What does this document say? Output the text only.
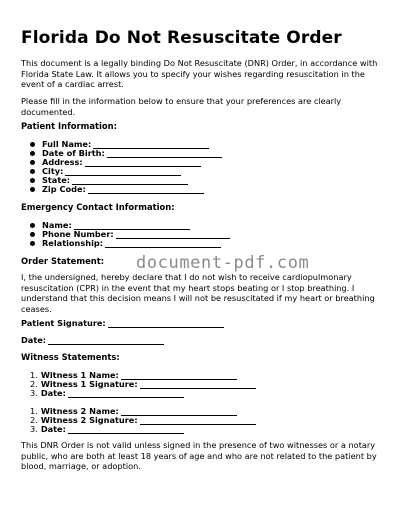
Florida Do Not Resuscitate Order
This document is a legally binding Do Not Resuscitate (DNR) Order, in accordance with Florida State Law. It allows you to specify your wishes regarding resuscitation in the event of a cardiac arrest.
Please fill in the information below to ensure that your preferences are clearly documented.
Patient Information:
Full Name:
Date of Birth:
Address:
City:
State:
Zip Code:
Emergency Contact Information:
Name:
Phone Number:
Relationship:
Order Statement: document-pdf.com
I, the undersigned, hereby declare that I do not wish to receive cardiopulmonary resuscitation (CPR) in the event that my heart stops beating or I stop breathing. I understand that this decision means I will not be resuscitated if my heart or breathing ceases.
Patient Signature:
Date:
Witness Statements:
1. Witness 1 Name:
2. Witness 1 Signature:
3. Date:
1. Witness 2 Name:
2. Witness 2 Signature:
3. Date:
This DNR Order is not valid unless signed in the presence of two witnesses or a notary public, who are both at least 18 years of age and who are not related to the patient by blood, marriage, or adoption.
